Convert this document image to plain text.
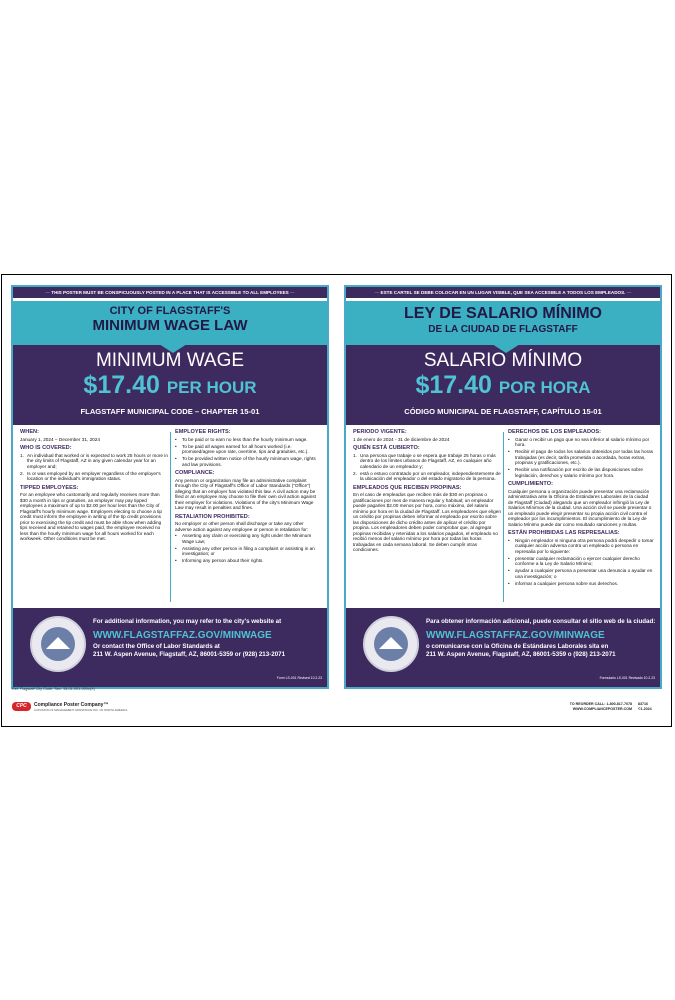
— THIS POSTER MUST BE CONSPICUOUSLY POSTED IN A PLACE THAT IS ACCESSIBLE TO ALL EMPLOYEES —
CITY OF FLAGSTAFF'S
MINIMUM WAGE LAW
MINIMUM WAGE
$17.40 PER HOUR
FLAGSTAFF MUNICIPAL CODE – CHAPTER 15-01
WHEN:
January 1, 2024 – December 31, 2024
WHO IS COVERED:
1. An individual that worked or is expected to work 25 hours or more in the city limits of Flagstaff, AZ in any given calendar year for an employer and;
2. Is or was employed by an employer regardless of the employer's location or the individual's immigration status.
TIPPED EMPLOYEES:
For an employee who customarily and regularly receives more than $30 a month in tips or gratuities, an employer may pay tipped employees a maximum of up to $2.00 per hour less than the City of Flagstaff's hourly minimum wage. Employers electing to choose a tip credit must inform the employee in writing of the tip credit provisions prior to exercising the tip credit and must be able show when adding tips received and retained to wages paid, the employee received no less than the hourly minimum wage for all hours worked for each workweek. Other conditions must be met.
EMPLOYEE RIGHTS:
• To be paid or to earn no less than the hourly minimum wage.
• To be paid all wages earned for all hours worked (i.e. promised/agree upon rate, overtime, tips and gratuities, etc.).
• To be provided written notice of the hourly minimum wage, rights and law provisions.
COMPLIANCE:
Any person or organization may file an administrative complaint through the City of Flagstaff's Office of Labor Standards ("Office") alleging that an employer has violated this law. A civil action may be filed or an employee may choose to file their own civil action against their employer for violations. Violations of the city's Minimum Wage Law may result in penalties and fines.
RETALIATION PROHIBITED:
No employer or other person shall discharge or take any other adverse action against any employee or person in retaliation for:
• Asserting any claim or exercising any right under the Minimum Wage Law;
• Assisting any other person in filing a complaint or assisting in an investigation; or
• Informing any person about their rights.
For additional information, you may refer to the city's website at
WWW.FLAGSTAFFAZ.GOV/MINWAGE
Or contact the Office of Labor Standards at
211 W. Aspen Avenue, Flagstaff, AZ, 86001-5359 or (928) 213-2071
Form LS-001 Revised 10.2.23
— ESTE CARTEL SE DEBE COLOCAR EN UN LUGAR VISIBLE, QUE SEA ACCESIBLE A TODOS LOS EMPLEADOS. —
LEY DE SALARIO MÍNIMO
DE LA CIUDAD DE FLAGSTAFF
SALARIO MÍNIMO
$17.40 POR HORA
CÓDIGO MUNICIPAL DE FLAGSTAFF, CAPÍTULO 15-01
PERIODO VIGENTE:
1 de enero de 2024 - 31 de diciembre de 2024
QUIÉN ESTÁ CUBIERTO:
1. Una persona que trabaje o se espera que trabaje 25 horas o más dentro de los límites urbanos de Flagstaff, AZ, en cualquier año calendario de un empleador y;
2. está o estuvo contratado por un empleador, independientemente de la ubicación del empleador o del estado migratorio de la persona.
EMPLEADOS QUE RECIBEN PROPINAS:
En el caso de empleados que reciben más de $30 en propinas o gratificaciones por mes de manera regular y habitual; un empleador puede pagarles $2.00 menos por hora, como máximo, del salario mínimo por hora en la ciudad de Flagstaff. Los empleadores que eligen un crédito por propinas deben informar al empleado por escrito sobre las disposiciones de dicho crédito antes de aplicar el crédito por propina. Los empleadores deben poder comprobar que, al agregar propinas recibidas y retenidas a los salarios pagados, el empleado no recibió menos del salario mínimo por hora por todas las horas trabajadas en cada semana laboral. Se deben cumplir otras condiciones.
DERECHOS DE LOS EMPLEADOS:
• Ganar o recibir un pago que no sea inferior al salario mínimo por hora.
• Recibir el pago de todos los salarios obtenidos por todas las horas trabajadas (es decir, tarifa prometida o acordada, horas extras, propinas y gratificaciones, etc.).
• Recibir una notificación por escrito de las disposiciones sobre legislación, derechos y salario mínimo por hora.
CUMPLIMIENTO:
Cualquier persona u organización puede presentar una reclamación administrativa ante la Oficina de Estándares Laborales de la ciudad de Flagstaff (Ciudad) alegando que un empleador infringió la Ley de Salarios Mínimos de la ciudad. Una acción civil se puede presentar o un empleado puede elegir presentar su propia acción civil contra el empleador por los incumplimientos. El incumplimiento de la Ley de Salario Mínimo puede dar como resultado sanciones y multas.
ESTÁN PROHIBIDAS LAS REPRESALIAS:
• Ningún empleador ni ninguna otra persona podrá despedir o tomar cualquier acción adversa contra un empleado o persona en represalia por lo siguiente:
• presentar cualquier reclamación o ejercer cualquier derecho conforme a la Ley de Salario Mínimo;
• ayudar a cualquier persona a presentar una denuncia o ayudar en una investigación; o
• informar a cualquier persona sobre sus derechos.
Para obtener información adicional, puede consultar el sitio web de la ciudad:
WWW.FLAGSTAFFAZ.GOV/MINWAGE
o comunicarse con la Oficina de Estándares Laborales sita en
211 W. Aspen Avenue, Flagstaff, AZ, 86001-5359 o (928) 213-2071
Formulario LS-001 Revisado 10.2.23
Ref: Flagstaff City Code, Sec. 15-01-001-000x(X)
CPC	Compliance Poster Company™
A DIVISION OF MANAGEMENT ASSISTANCE INC. OF NORTH AMERICA
TO REORDER CALL: 1-800-817-7078
WWW.COMPLIANCEPOSTER.COM
83716
©1.2024
